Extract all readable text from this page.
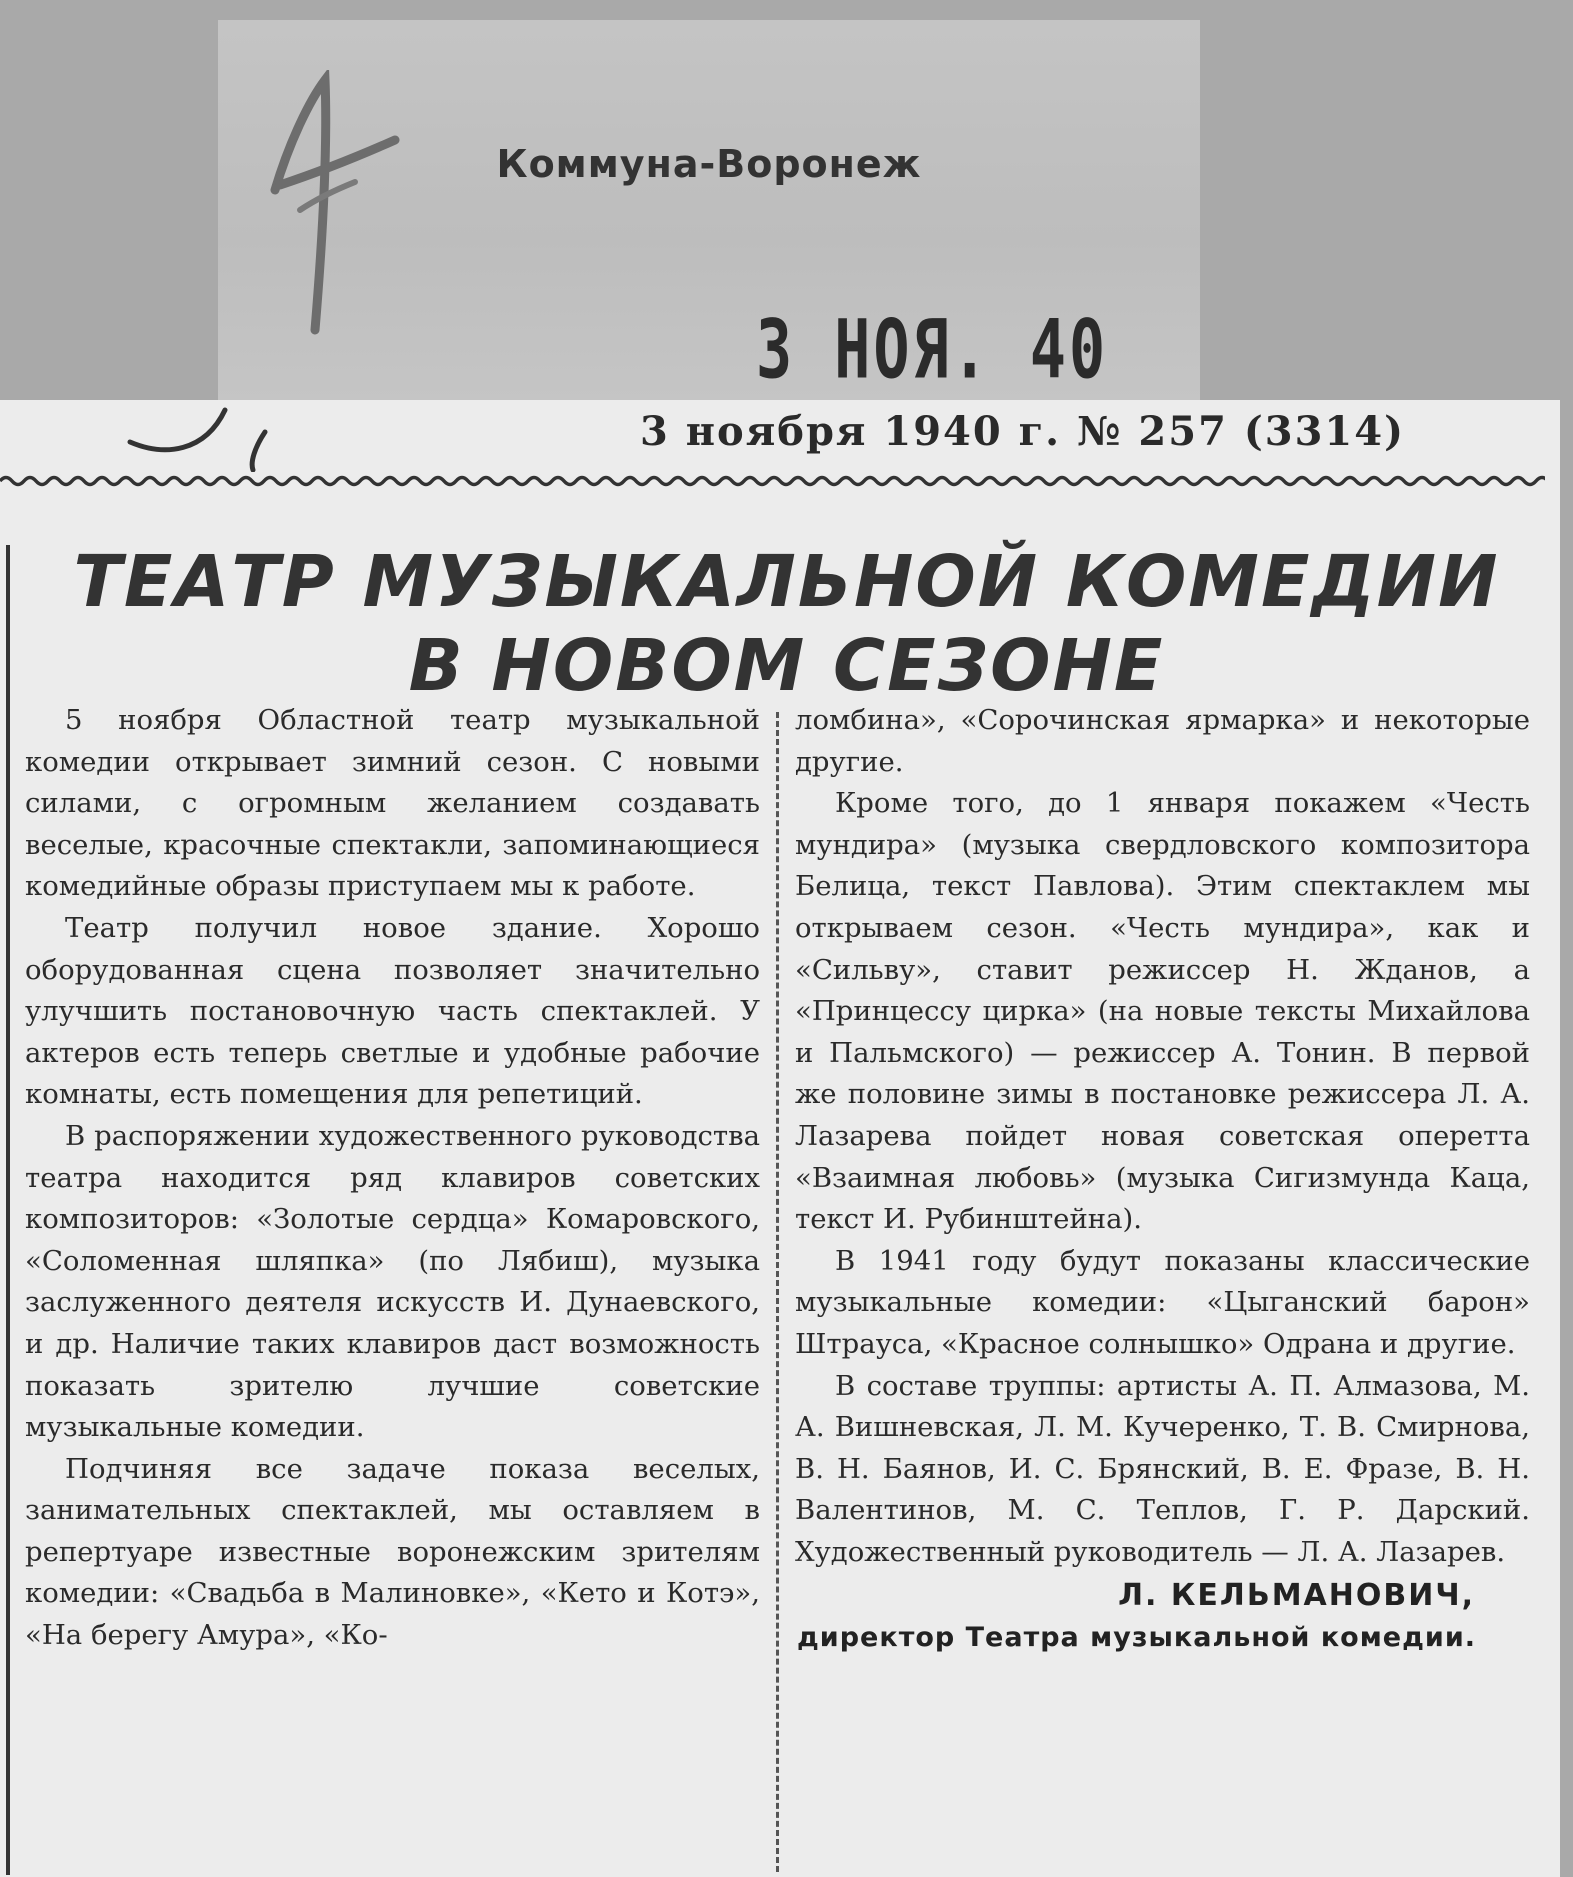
Коммуна-Воронеж
3 НОЯ. 40
3 ноября 1940 г. № 257 (3314)
ТЕАТР МУЗЫКАЛЬНОЙ КОМЕДИИ
В НОВОМ СЕЗОНЕ

5 ноября Областной театр музыкальной комедии открывает зимний сезон. С новыми силами, с огромным желанием создавать веселые, красочные спектакли, запоминающиеся комедийные образы приступаем мы к работе.

Театр получил новое здание. Хорошо оборудованная сцена позволяет значительно улучшить постановочную часть спектаклей. У актеров есть теперь светлые и удобные рабочие комнаты, есть помещения для репетиций.

В распоряжении художественного руководства театра находится ряд клавиров советских композиторов: «Золотые сердца» Комаровского, «Соломенная шляпка» (по Лябиш), музыка заслуженного деятеля искусств И. Дунаевского, и др. Наличие таких клавиров даст возможность показать зрителю лучшие советские музыкальные комедии.

Подчиняя все задаче показа веселых, занимательных спектаклей, мы оставляем в репертуаре известные воронежским зрителям комедии: «Свадьба в Малиновке», «Кето и Котэ», «На берегу Амура», «Ко-

ломбина», «Сорочинская ярмарка» и некоторые другие.

Кроме того, до 1 января покажем «Честь мундира» (музыка свердловского композитора Белица, текст Павлова). Этим спектаклем мы открываем сезон. «Честь мундира», как и «Сильву», ставит режиссер Н. Жданов, а «Принцессу цирка» (на новые тексты Михайлова и Пальмского) — режиссер А. Тонин. В первой же половине зимы в постановке режиссера Л. А. Лазарева пойдет новая советская оперетта «Взаимная любовь» (музыка Сигизмунда Каца, текст И. Рубинштейна).

В 1941 году будут показаны классические музыкальные комедии: «Цыганский барон» Штрауса, «Красное солнышко» Одрана и другие.

В составе труппы: артисты А. П. Алмазова, М. А. Вишневская, Л. М. Кучеренко, Т. В. Смирнова, В. Н. Баянов, И. С. Брянский, В. Е. Фразе, В. Н. Валентинов, М. С. Теплов, Г. Р. Дарский. Художественный руководитель — Л. А. Лазарев.

Л. КЕЛЬМАНОВИЧ,
директор Театра музыкальной комедии.
